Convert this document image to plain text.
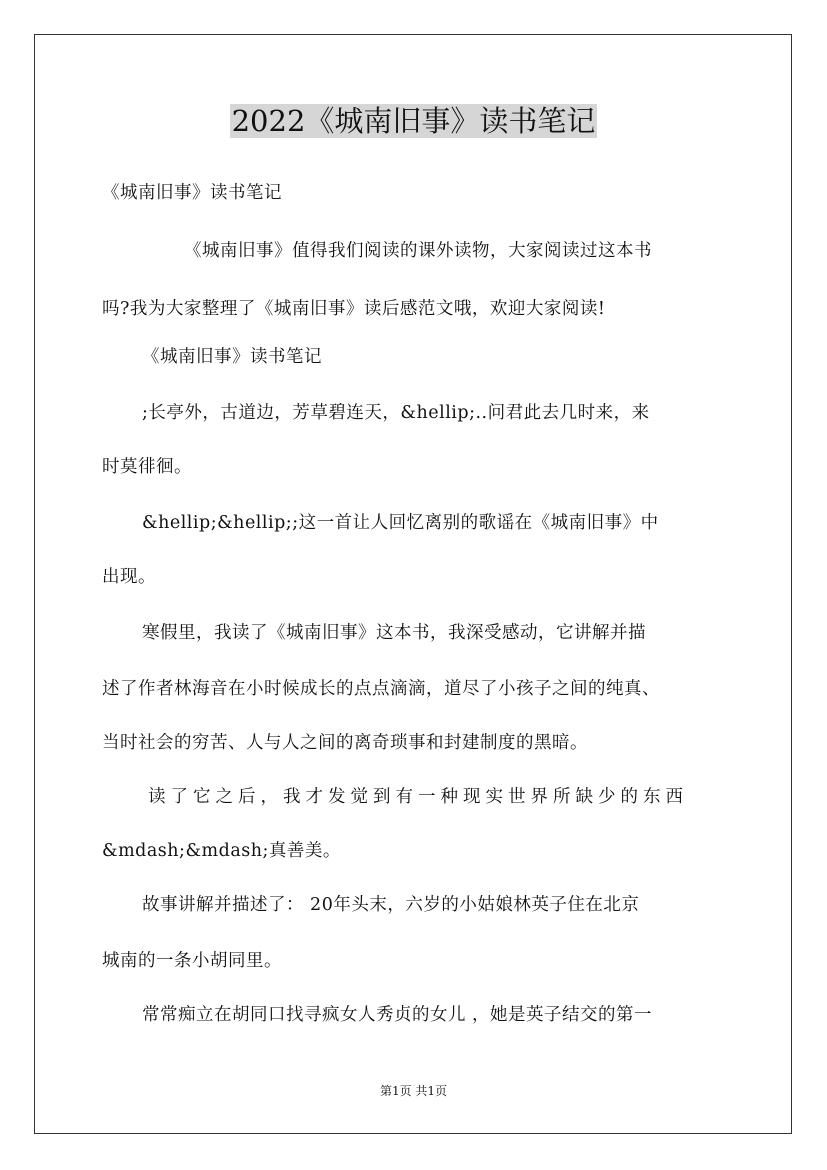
2022《城南旧事》读书笔记
《城南旧事》读书笔记
《城南旧事》值得我们阅读的课外读物，大家阅读过这本书
吗?我为大家整理了《城南旧事》读后感范文哦，欢迎大家阅读!
《城南旧事》读书笔记
;长亭外，古道边，芳草碧连天，&hellip;..问君此去几时来，来
时莫徘徊。
&hellip;&hellip;;这一首让人回忆离别的歌谣在《城南旧事》中
出现。
寒假里，我读了《城南旧事》这本书，我深受感动，它讲解并描
述了作者林海音在小时候成长的点点滴滴，道尽了小孩子之间的纯真、
当时社会的穷苦、人与人之间的离奇琐事和封建制度的黑暗。
读了它之后，我才发觉到有一种现实世界所缺少的东西
&mdash;&mdash;真善美。
故事讲解并描述了： 20年头末，六岁的小姑娘林英子住在北京
城南的一条小胡同里。
常常痴立在胡同口找寻疯女人秀贞的女儿 ，她是英子结交的第一
第1页 共1页
